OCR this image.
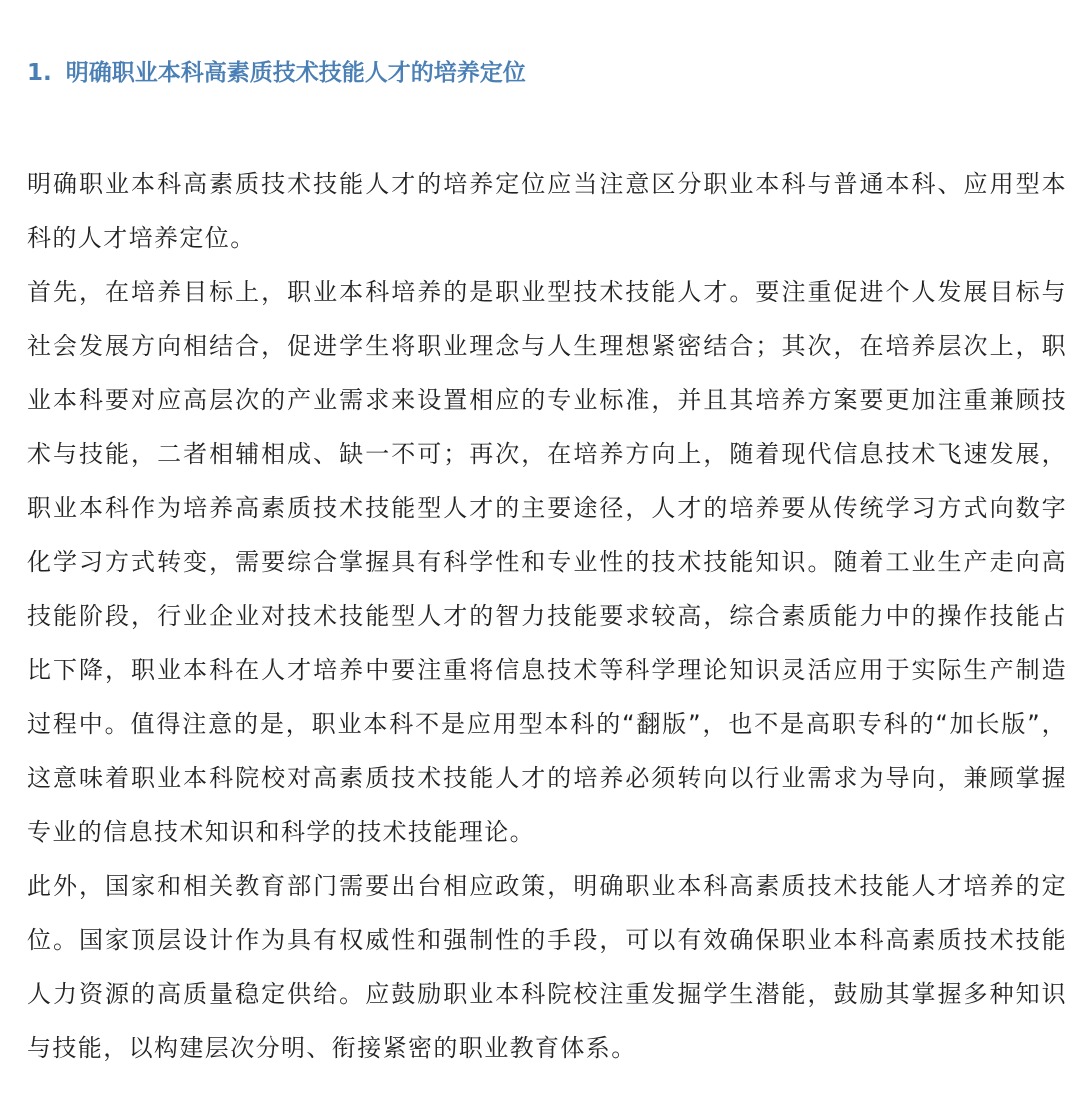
1. 明确职业本科高素质技术技能人才的培养定位

明确职业本科高素质技术技能人才的培养定位应当注意区分职业本科与普通本科、应用型本科的人才培养定位。

首先，在培养目标上，职业本科培养的是职业型技术技能人才。要注重促进个人发展目标与社会发展方向相结合，促进学生将职业理念与人生理想紧密结合；其次，在培养层次上，职业本科要对应高层次的产业需求来设置相应的专业标准，并且其培养方案要更加注重兼顾技术与技能，二者相辅相成、缺一不可；再次，在培养方向上，随着现代信息技术飞速发展，职业本科作为培养高素质技术技能型人才的主要途径，人才的培养要从传统学习方式向数字化学习方式转变，需要综合掌握具有科学性和专业性的技术技能知识。随着工业生产走向高技能阶段，行业企业对技术技能型人才的智力技能要求较高，综合素质能力中的操作技能占比下降，职业本科在人才培养中要注重将信息技术等科学理论知识灵活应用于实际生产制造过程中。值得注意的是，职业本科不是应用型本科的“翻版”，也不是高职专科的“加长版”，这意味着职业本科院校对高素质技术技能人才的培养必须转向以行业需求为导向，兼顾掌握专业的信息技术知识和科学的技术技能理论。

此外，国家和相关教育部门需要出台相应政策，明确职业本科高素质技术技能人才培养的定位。国家顶层设计作为具有权威性和强制性的手段，可以有效确保职业本科高素质技术技能人力资源的高质量稳定供给。应鼓励职业本科院校注重发掘学生潜能，鼓励其掌握多种知识与技能，以构建层次分明、衔接紧密的职业教育体系。
